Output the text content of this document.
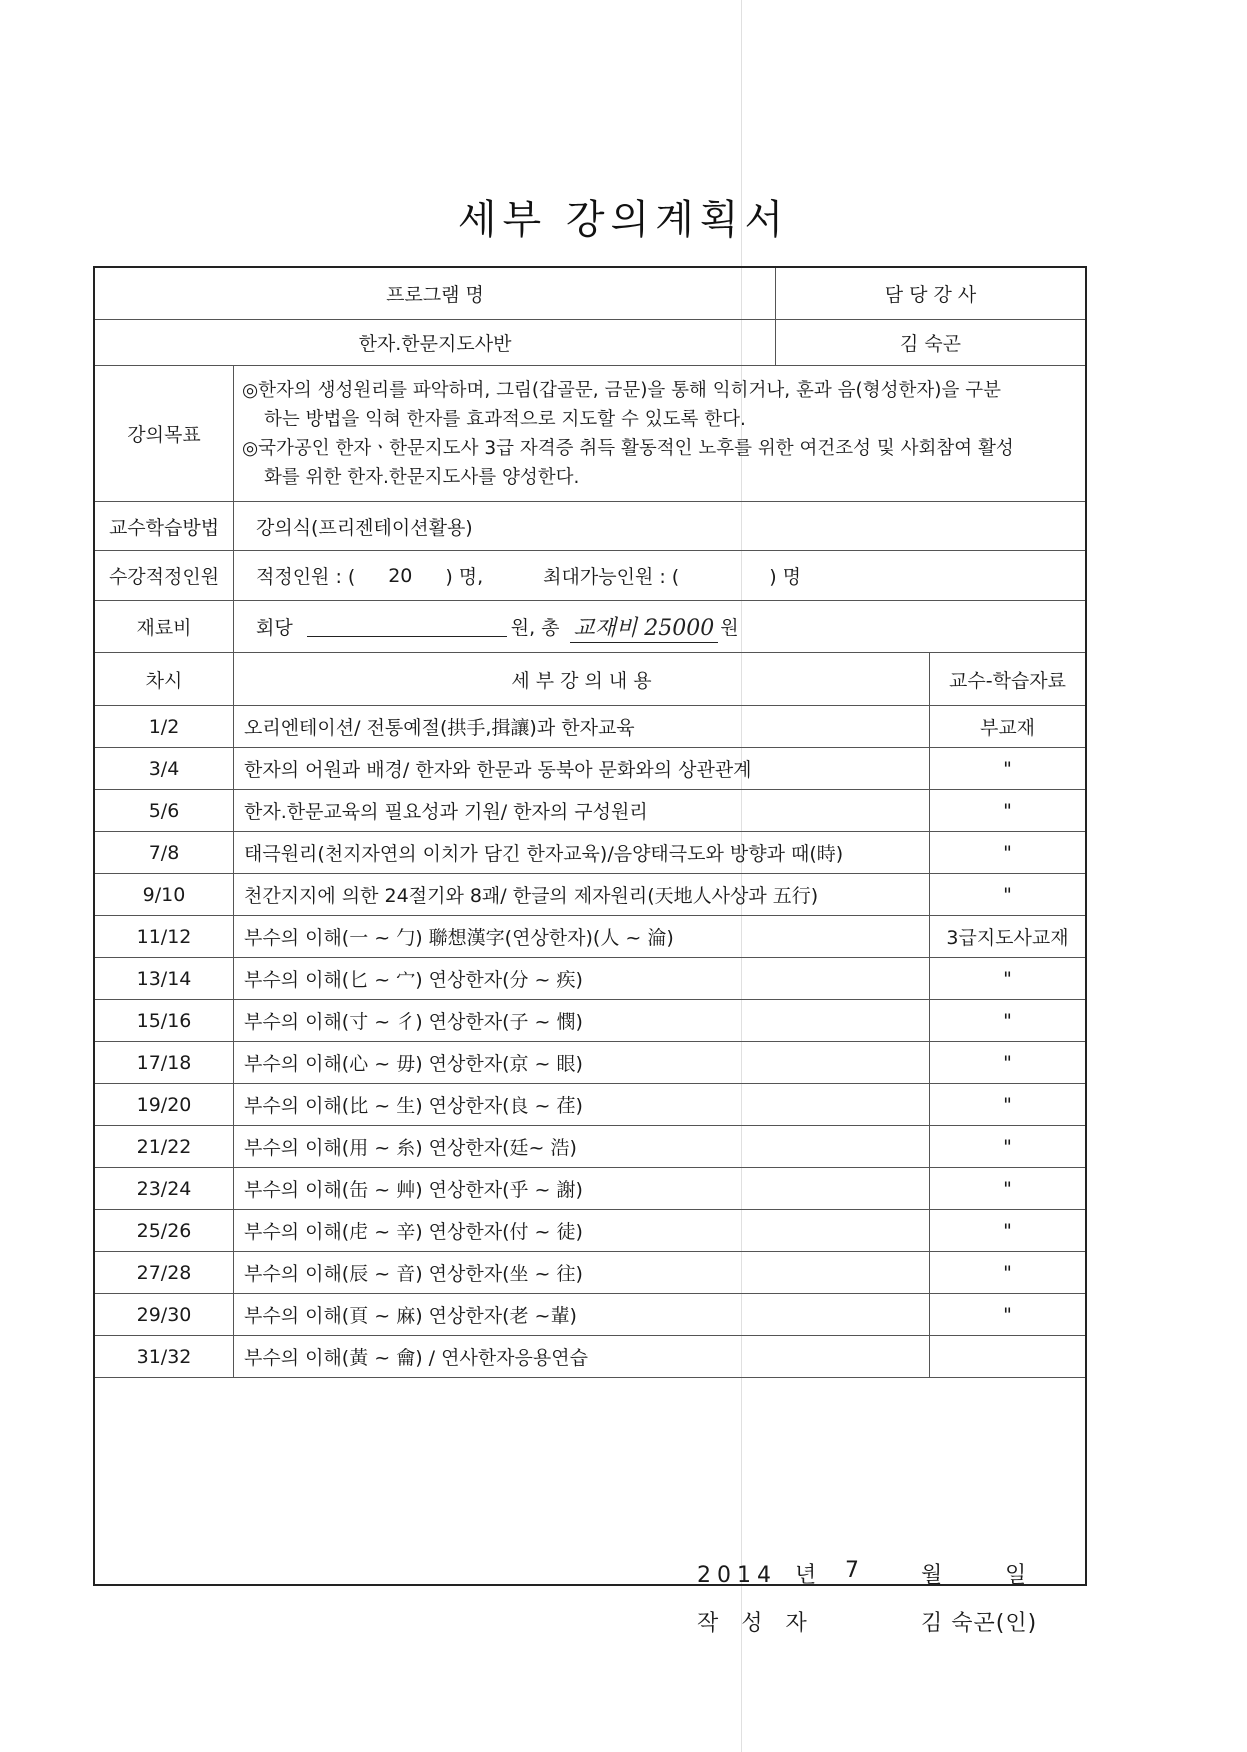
세부 강의계획서
프로그램 명	담 당 강 사
한자.한문지도사반	김 숙곤
강의목표
◎한자의 생성원리를 파악하며, 그림(갑골문, 금문)을 통해 익히거나, 훈과 음(형성한자)을 구분
하는 방법을 익혀 한자를 효과적으로 지도할 수 있도록 한다.
◎국가공인 한자ㆍ한문지도사 3급 자격증 취득 활동적인 노후를 위한 여건조성 및 사회참여 활성
화를 위한 한자.한문지도사를 양성한다.
교수학습방법	강의식(프리젠테이션활용)
수강적정인원	적정인원 : (	20	) 명,	최대가능인원 : (	) 명
재료비	회당	원, 총 교재비 25000 원
차시	세 부 강 의 내 용	교수-학습자료
1/2	오리엔테이션/ 전통예절(拱手,揖讓)과 한자교육	부교재
3/4	한자의 어원과 배경/ 한자와 한문과 동북아 문화와의 상관관계	"
5/6	한자.한문교육의 필요성과 기원/ 한자의 구성원리	"
7/8	태극원리(천지자연의 이치가 담긴 한자교육)/음양태극도와 방향과 때(時)	"
9/10	천간지지에 의한 24절기와 8괘/ 한글의 제자원리(天地人사상과 五行)	"
11/12	부수의 이해(一 ~ 勹) 聯想漢字(연상한자)(人 ~ 淪)	3급지도사교재
13/14	부수의 이해(匕 ~ 宀) 연상한자(分 ~ 疾)	"
15/16	부수의 이해(寸 ~ 彳) 연상한자(子 ~ 憫)	"
17/18	부수의 이해(心 ~ 毋) 연상한자(京 ~ 眼)	"
19/20	부수의 이해(比 ~ 生) 연상한자(良 ~ 荏)	"
21/22	부수의 이해(用 ~ 糸) 연상한자(廷~ 浩)	"
23/24	부수의 이해(缶 ~ 艸) 연상한자(乎 ~ 謝)	"
25/26	부수의 이해(虍 ~ 辛) 연상한자(付 ~ 徒)	"
27/28	부수의 이해(辰 ~ 音) 연상한자(坐 ~ 往)	"
29/30	부수의 이해(頁 ~ 麻) 연상한자(老 ~輩)	"
31/32	부수의 이해(黃 ~ 龠) / 연사한자응용연습
2014 년 7	월	일
작 성 자	김 숙곤(인)
